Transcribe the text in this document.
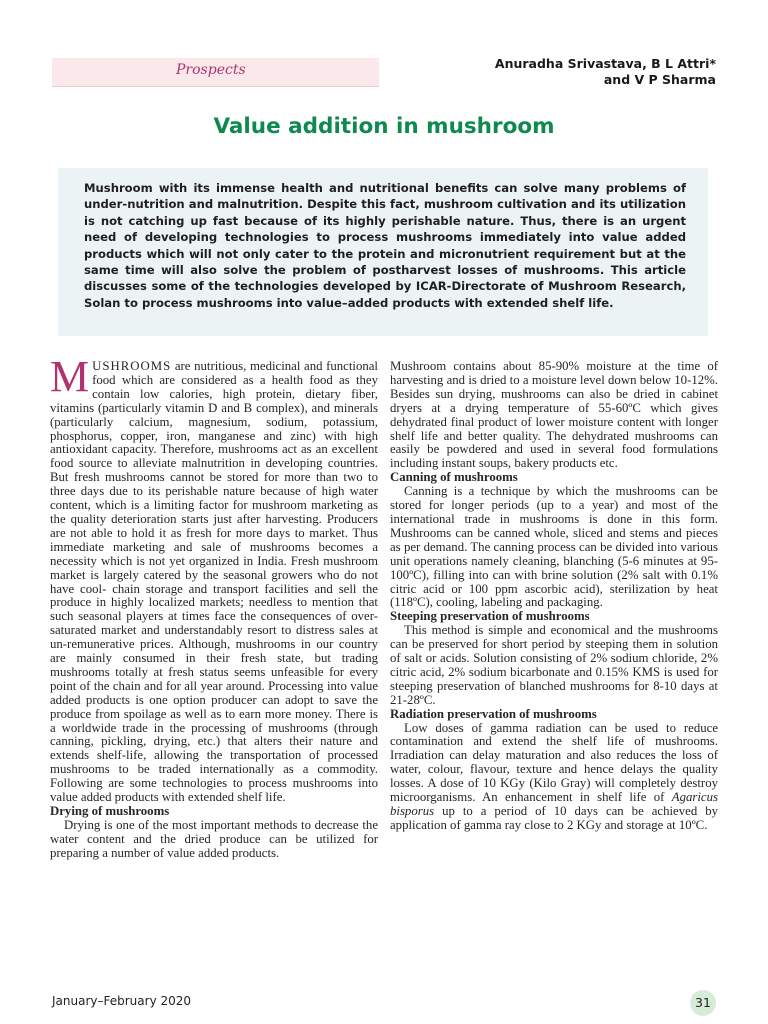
Prospects	Anuradha Srivastava, B L Attri*
and V P Sharma
Value addition in mushroom
Mushroom with its immense health and nutritional benefits can solve many problems of under-nutrition and malnutrition. Despite this fact, mushroom cultivation and its utilization is not catching up fast because of its highly perishable nature. Thus, there is an urgent need of developing technologies to process mushrooms immediately into value added products which will not only cater to the protein and micronutrient requirement but at the same time will also solve the problem of postharvest losses of mushrooms. This article discusses some of the technologies developed by ICAR-Directorate of Mushroom Research, Solan to process mushrooms into value–added products with extended shelf life.

MUSHROOMS are nutritious, medicinal and functional food which are considered as a health food as they contain low calories, high protein, dietary fiber, vitamins (particularly vitamin D and B complex), and minerals (particularly calcium, magnesium, sodium, potassium, phosphorus, copper, iron, manganese and zinc) with high antioxidant capacity. Therefore, mushrooms act as an excellent food source to alleviate malnutrition in developing countries. But fresh mushrooms cannot be stored for more than two to three days due to its perishable nature because of high water content, which is a limiting factor for mushroom marketing as the quality deterioration starts just after harvesting. Producers are not able to hold it as fresh for more days to market. Thus immediate marketing and sale of mushrooms becomes a necessity which is not yet organized in India. Fresh mushroom market is largely catered by the seasonal growers who do not have cool- chain storage and transport facilities and sell the produce in highly localized markets; needless to mention that such seasonal players at times face the consequences of over-saturated market and understandably resort to distress sales at un-remunerative prices. Although, mushrooms in our country are mainly consumed in their fresh state, but trading mushrooms totally at fresh status seems unfeasible for every point of the chain and for all year around. Processing into value added products is one option producer can adopt to save the produce from spoilage as well as to earn more money. There is a worldwide trade in the processing of mushrooms (through canning, pickling, drying, etc.) that alters their nature and extends shelf-life, allowing the transportation of processed mushrooms to be traded internationally as a commodity. Following are some technologies to process mushrooms into value added products with extended shelf life.

Drying of mushrooms

Drying is one of the most important methods to decrease the water content and the dried produce can be utilized for preparing a number of value added products.

Mushroom contains about 85-90% moisture at the time of harvesting and is dried to a moisture level down below 10-12%. Besides sun drying, mushrooms can also be dried in cabinet dryers at a drying temperature of 55-60ºC which gives dehydrated final product of lower moisture content with longer shelf life and better quality. The dehydrated mushrooms can easily be powdered and used in several food formulations including instant soups, bakery products etc.

Canning of mushrooms

Canning is a technique by which the mushrooms can be stored for longer periods (up to a year) and most of the international trade in mushrooms is done in this form. Mushrooms can be canned whole, sliced and stems and pieces as per demand. The canning process can be divided into various unit operations namely cleaning, blanching (5-6 minutes at 95-100ºC), filling into can with brine solution (2% salt with 0.1% citric acid or 100 ppm ascorbic acid), sterilization by heat (118ºC), cooling, labeling and packaging.

Steeping preservation of mushrooms

This method is simple and economical and the mushrooms can be preserved for short period by steeping them in solution of salt or acids. Solution consisting of 2% sodium chloride, 2% citric acid, 2% sodium bicarbonate and 0.15% KMS is used for steeping preservation of blanched mushrooms for 8-10 days at 21-28ºC.

Radiation preservation of mushrooms

Low doses of gamma radiation can be used to reduce contamination and extend the shelf life of mushrooms. Irradiation can delay maturation and also reduces the loss of water, colour, flavour, texture and hence delays the quality losses. A dose of 10 KGy (Kilo Gray) will completely destroy microorganisms. An enhancement in shelf life of Agaricus bisporus up to a period of 10 days can be achieved by application of gamma ray close to 2 KGy and storage at 10ºC.

January–February 2020	31
